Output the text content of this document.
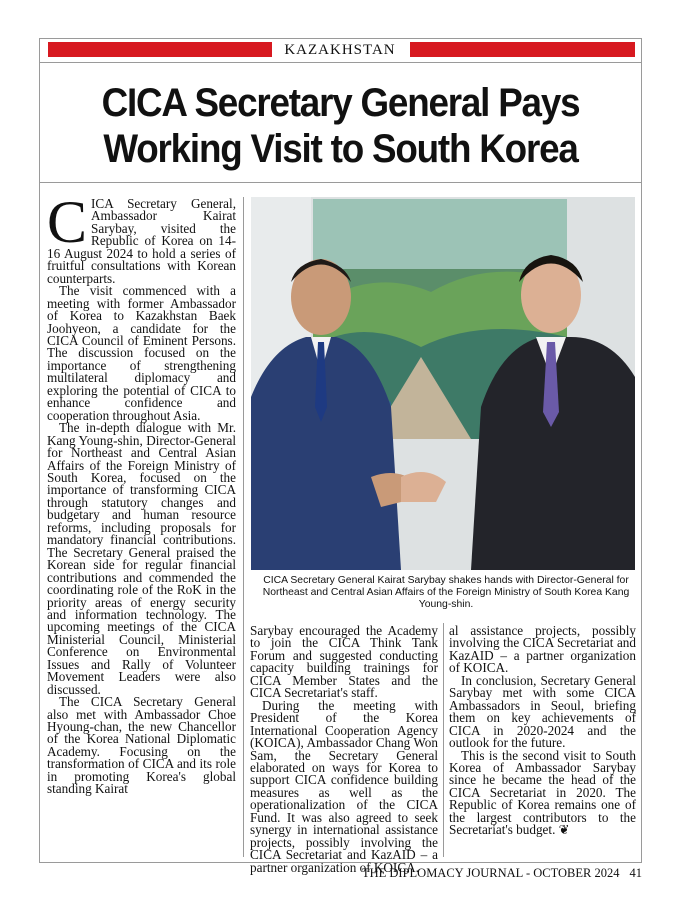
KAZAKHSTAN
CICA Secretary General Pays
Working Visit to South Korea

CICA Secretary General, Ambassador Kairat Sarybay, visited the Republic of Korea on 14-16 August 2024 to hold a series of fruitful consultations with Korean counterparts.

The visit commenced with a meeting with former Ambassador of Korea to Kazakhstan Baek Joohyeon, a candidate for the CICA Council of Eminent Persons. The discussion focused on the importance of strengthening multilateral diplomacy and exploring the potential of CICA to enhance confidence and cooperation throughout Asia.

The in-depth dialogue with Mr. Kang Young-shin, Director-General for Northeast and Central Asian Affairs of the Foreign Ministry of South Korea, focused on the importance of transforming CICA through statutory changes and budgetary and human resource reforms, including proposals for mandatory financial contributions. The Secretary General praised the Korean side for regular financial contributions and commended the coordinating role of the RoK in the priority areas of energy security and information technology. The upcoming meetings of the CICA Ministerial Council, Ministerial Conference on Environmental Issues and Rally of Volunteer Movement Leaders were also discussed.

The CICA Secretary General also met with Ambassador Choe Hyoung-chan, the new Chancellor of the Korea National Diplomatic Academy. Focusing on the transformation of CICA and its role in promoting Korea's global standing Kairat

CICA Secretary General Kairat Sarybay shakes hands with Director-General for Northeast and Central Asian Affairs of the Foreign Ministry of South Korea Kang Young-shin.

Sarybay encouraged the Academy to join the CICA Think Tank Forum and suggested conducting capacity building trainings for CICA Member States and the CICA Secretariat's staff.

During the meeting with President of the Korea International Cooperation Agency (KOICA), Ambassador Chang Won Sam, the Secretary General elaborated on ways for Korea to support CICA confidence building measures as well as the operationalization of the CICA Fund. It was also agreed to seek synergy in international assistance projects, possibly involving the CICA Secretariat and KazAID – a partner organization of KOICA.

al assistance projects, possibly involving the CICA Secretariat and KazAID – a partner organization of KOICA.

In conclusion, Secretary General Sarybay met with some CICA Ambassadors in Seoul, briefing them on key achievements of CICA in 2020-2024 and the outlook for the future.

This is the second visit to South Korea of Ambassador Sarybay since he became the head of the CICA Secretariat in 2020. The Republic of Korea remains one of the largest contributors to the Secretariat's budget. ❦

THE DIPLOMACY JOURNAL - OCTOBER 2024 41
